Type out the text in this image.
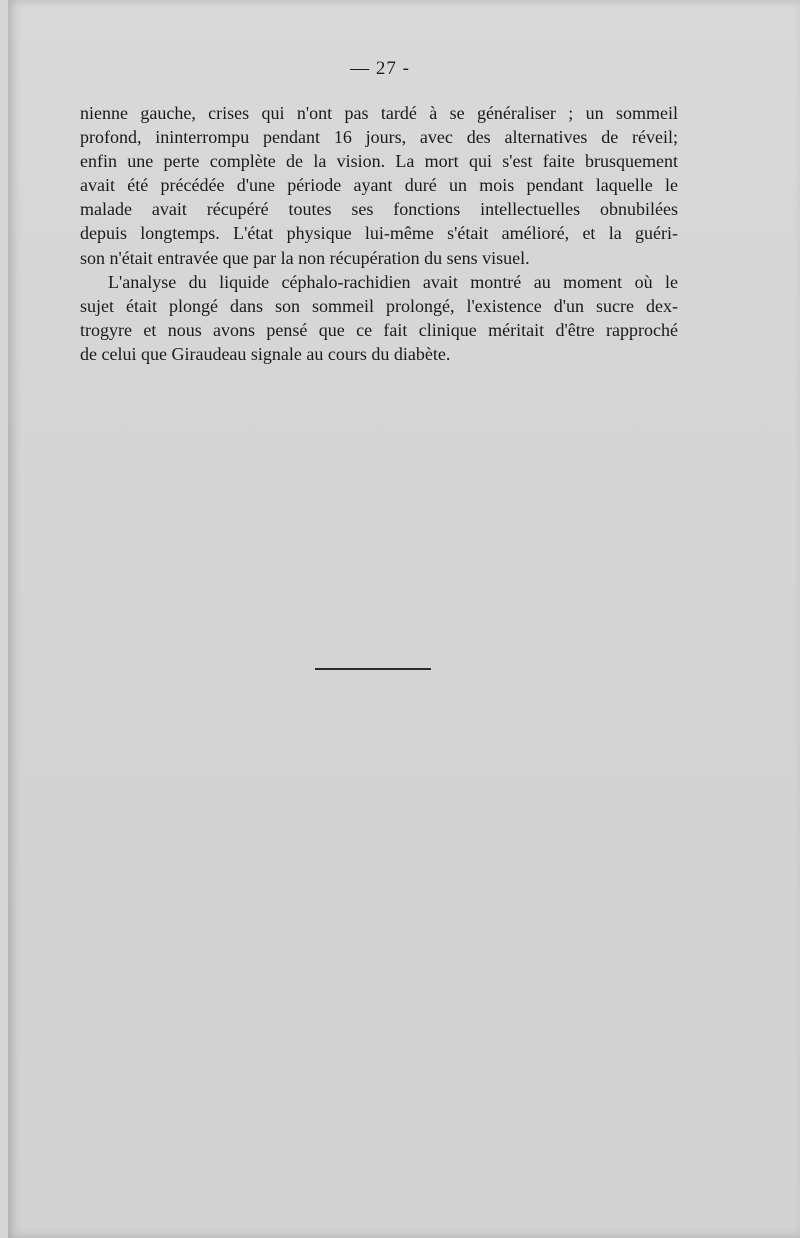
— 27 -

nienne gauche, crises qui n'ont pas tardé à se généraliser ; un sommeil
profond, ininterrompu pendant 16 jours, avec des alternatives de réveil;
enfin une perte complète de la vision. La mort qui s'est faite brusquement
avait été précédée d'une période ayant duré un mois pendant laquelle le
malade avait récupéré toutes ses fonctions intellectuelles obnubilées
depuis longtemps. L'état physique lui-même s'était amélioré, et la guéri-
son n'était entravée que par la non récupération du sens visuel.

L'analyse du liquide céphalo-rachidien avait montré au moment où le
sujet était plongé dans son sommeil prolongé, l'existence d'un sucre dex-
trogyre et nous avons pensé que ce fait clinique méritait d'être rapproché
de celui que Giraudeau signale au cours du diabète.
